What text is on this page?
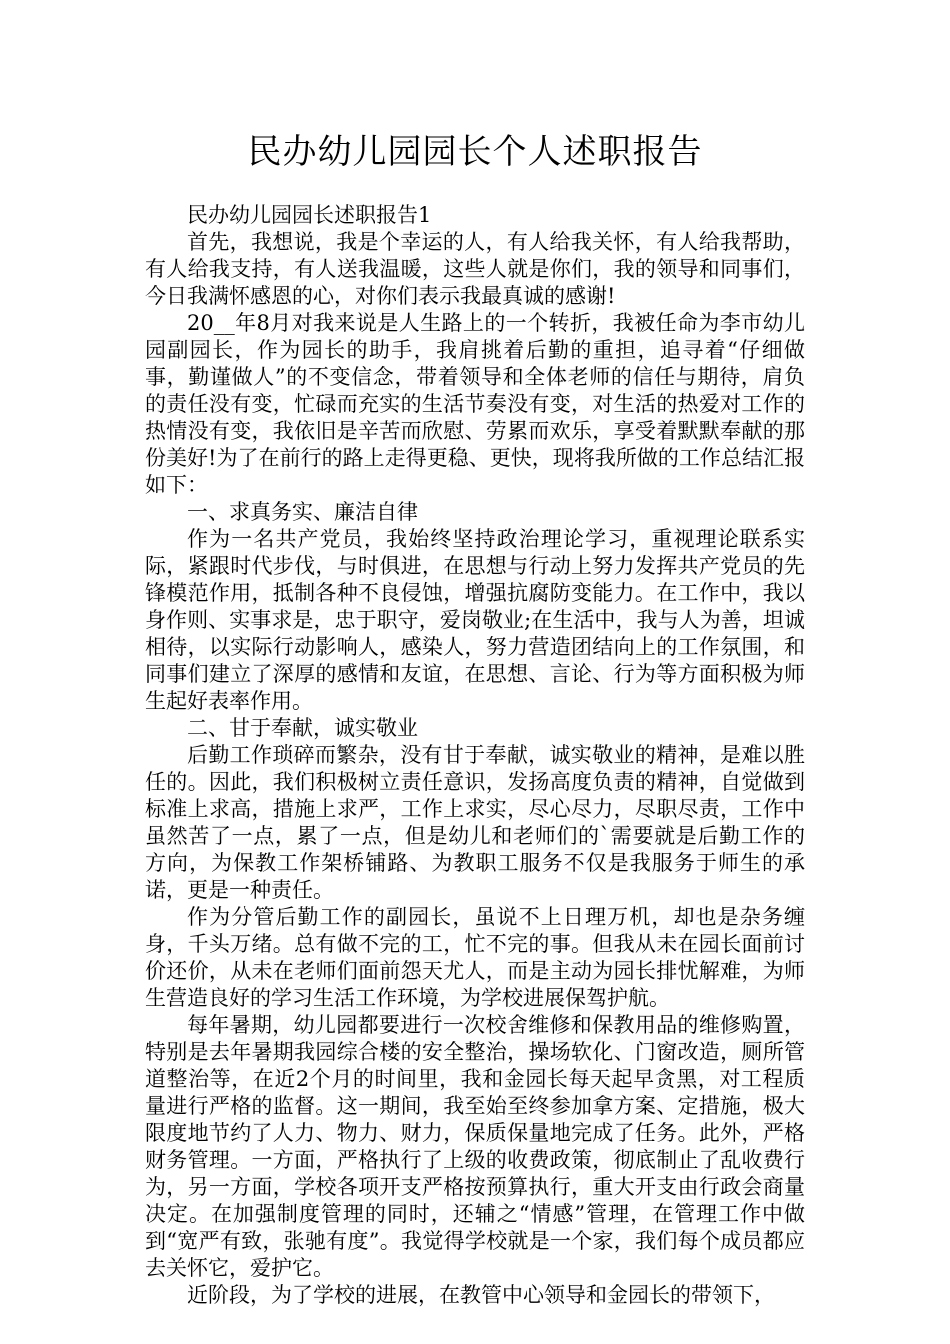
民办幼儿园园长个人述职报告

民办幼儿园园长述职报告1

首先，我想说，我是个幸运的人，有人给我关怀，有人给我帮助，有人给我支持，有人送我温暖，这些人就是你们，我的领导和同事们，今日我满怀感恩的心，对你们表示我最真诚的感谢!

20__年8月对我来说是人生路上的一个转折，我被任命为李市幼儿园副园长，作为园长的助手，我肩挑着后勤的重担，追寻着“仔细做事，勤谨做人”的不变信念，带着领导和全体老师的信任与期待，肩负的责任没有变，忙碌而充实的生活节奏没有变，对生活的热爱对工作的热情没有变，我依旧是辛苦而欣慰、劳累而欢乐，享受着默默奉献的那份美好!为了在前行的路上走得更稳、更快，现将我所做的工作总结汇报如下：

一、求真务实、廉洁自律

作为一名共产党员，我始终坚持政治理论学习，重视理论联系实际，紧跟时代步伐，与时俱进，在思想与行动上努力发挥共产党员的先锋模范作用，抵制各种不良侵蚀，增强抗腐防变能力。在工作中，我以身作则、实事求是，忠于职守，爱岗敬业;在生活中，我与人为善，坦诚相待，以实际行动影响人，感染人，努力营造团结向上的工作氛围，和同事们建立了深厚的感情和友谊，在思想、言论、行为等方面积极为师生起好表率作用。

二、甘于奉献，诚实敬业

后勤工作琐碎而繁杂，没有甘于奉献，诚实敬业的精神，是难以胜任的。因此，我们积极树立责任意识，发扬高度负责的精神，自觉做到标准上求高，措施上求严，工作上求实，尽心尽力，尽职尽责，工作中虽然苦了一点，累了一点，但是幼儿和老师们的`需要就是后勤工作的方向，为保教工作架桥铺路、为教职工服务不仅是我服务于师生的承诺，更是一种责任。

作为分管后勤工作的副园长，虽说不上日理万机，却也是杂务缠身，千头万绪。总有做不完的工，忙不完的事。但我从未在园长面前讨价还价，从未在老师们面前怨天尤人，而是主动为园长排忧解难，为师生营造良好的学习生活工作环境，为学校进展保驾护航。

每年暑期，幼儿园都要进行一次校舍维修和保教用品的维修购置，特别是去年暑期我园综合楼的安全整治，操场软化、门窗改造，厕所管道整治等，在近2个月的时间里，我和金园长每天起早贪黑，对工程质量进行严格的监督。这一期间，我至始至终参加拿方案、定措施，极大限度地节约了人力、物力、财力，保质保量地完成了任务。此外，严格财务管理。一方面，严格执行了上级的收费政策，彻底制止了乱收费行为，另一方面，学校各项开支严格按预算执行，重大开支由行政会商量决定。在加强制度管理的同时，还辅之“情感”管理，在管理工作中做到“宽严有致，张驰有度”。我觉得学校就是一个家，我们每个成员都应去关怀它，爱护它。

近阶段，为了学校的进展，在教管中心领导和金园长的带领下，
